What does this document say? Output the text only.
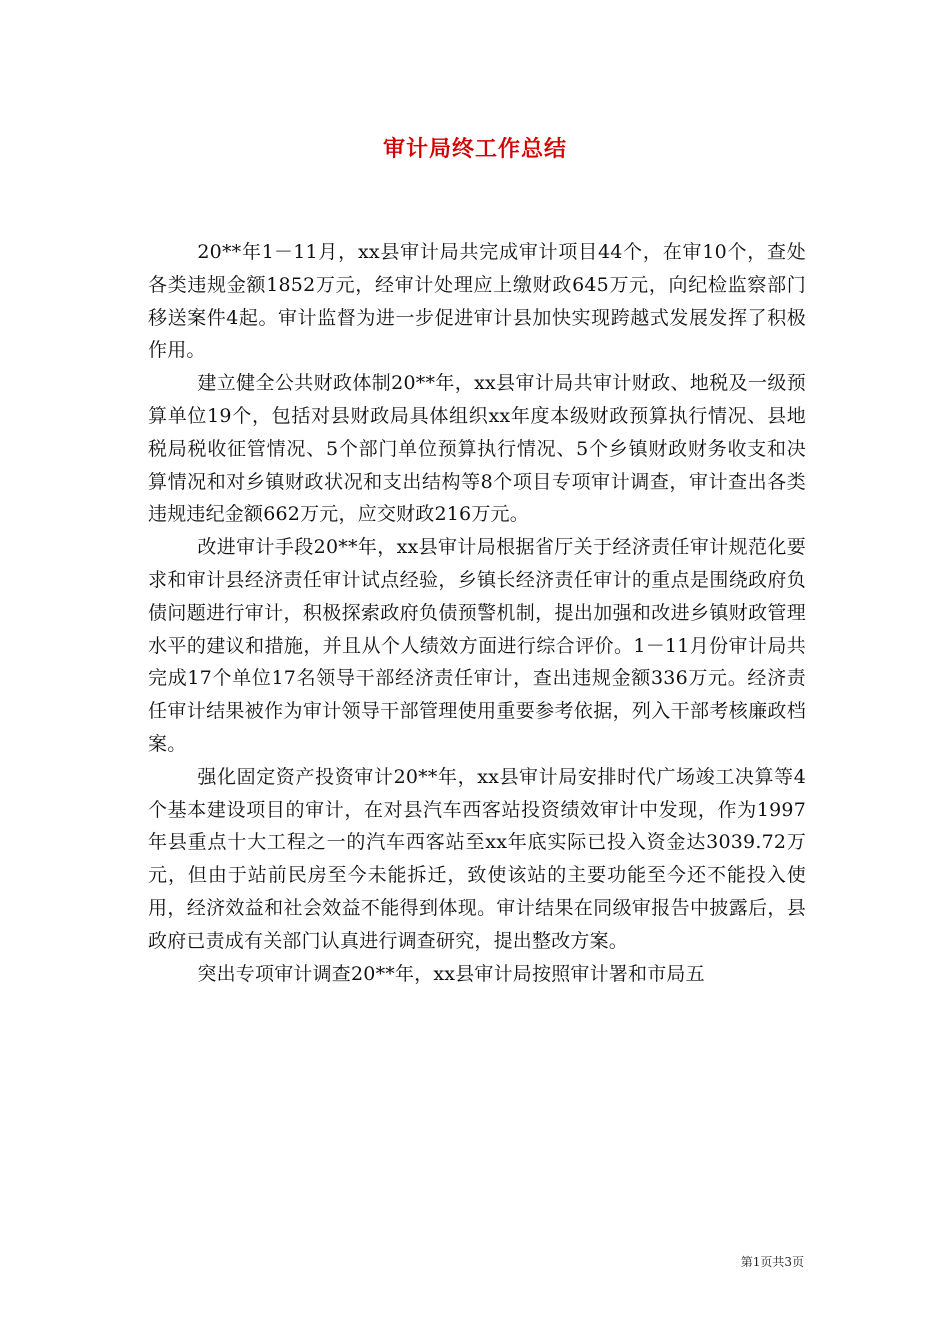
审计局终工作总结

20**年1－11月，xx县审计局共完成审计项目44个，在审10个，查处各类违规金额1852万元，经审计处理应上缴财政645万元，向纪检监察部门移送案件4起。审计监督为进一步促进审计县加快实现跨越式发展发挥了积极作用。

建立健全公共财政体制20**年，xx县审计局共审计财政、地税及一级预算单位19个，包括对县财政局具体组织xx年度本级财政预算执行情况、县地税局税收征管情况、5个部门单位预算执行情况、5个乡镇财政财务收支和决算情况和对乡镇财政状况和支出结构等8个项目专项审计调查，审计查出各类违规违纪金额662万元，应交财政216万元。

改进审计手段20**年，xx县审计局根据省厅关于经济责任审计规范化要求和审计县经济责任审计试点经验，乡镇长经济责任审计的重点是围绕政府负债问题进行审计，积极探索政府负债预警机制，提出加强和改进乡镇财政管理水平的建议和措施，并且从个人绩效方面进行综合评价。1－11月份审计局共完成17个单位17名领导干部经济责任审计，查出违规金额336万元。经济责任审计结果被作为审计领导干部管理使用重要参考依据，列入干部考核廉政档案。

强化固定资产投资审计20**年，xx县审计局安排时代广场竣工决算等4个基本建设项目的审计，在对县汽车西客站投资绩效审计中发现，作为1997年县重点十大工程之一的汽车西客站至xx年底实际已投入资金达3039.72万元，但由于站前民房至今未能拆迁，致使该站的主要功能至今还不能投入使用，经济效益和社会效益不能得到体现。审计结果在同级审报告中披露后，县政府已责成有关部门认真进行调查研究，提出整改方案。

突出专项审计调查20**年，xx县审计局按照审计署和市局五

第1页共3页
